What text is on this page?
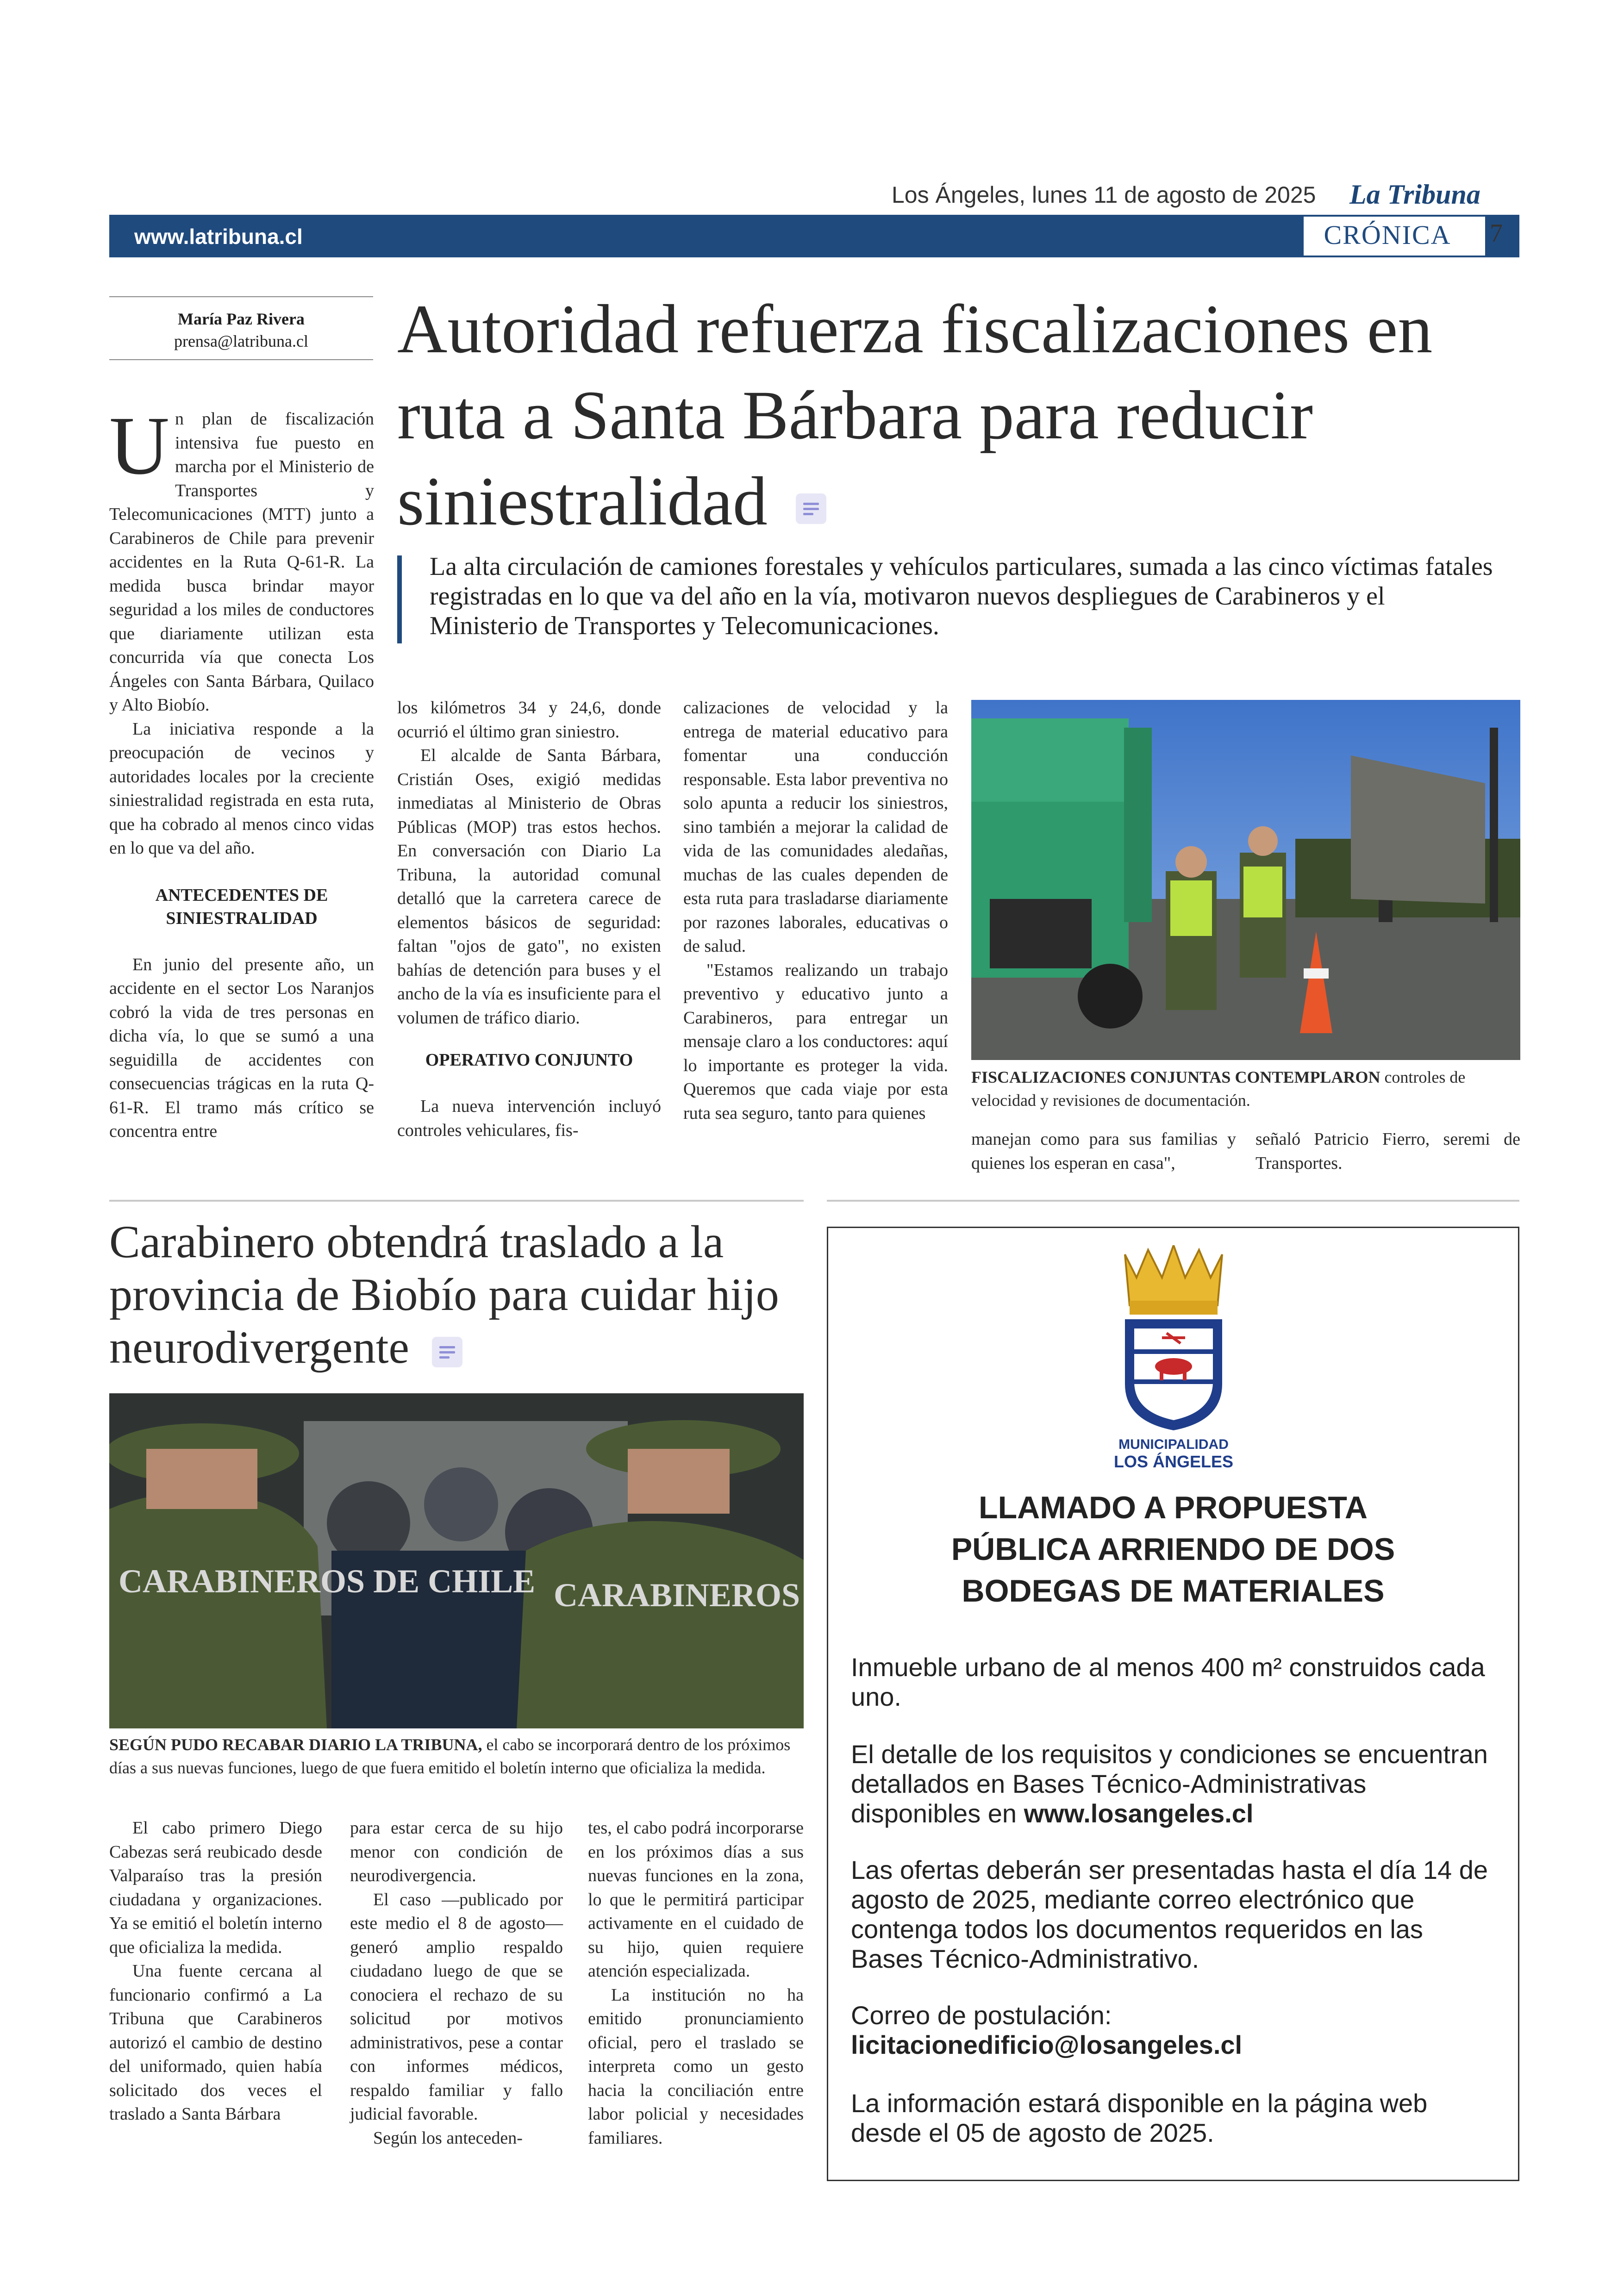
Los Ángeles, lunes 11 de agosto de 2025 La Tribuna
www.latribuna.cl	CRÓNICA	7
María Paz Rivera
prensa@latribuna.cl	Autoridad refuerza fiscalizaciones en ruta a Santa Bárbara para reducir siniestralidad
La alta circulación de camiones forestales y vehículos particulares, sumada a las cinco víctimas fatales registradas en lo que va del año en la vía, motivaron nuevos despliegues de Carabineros y el Ministerio de Transportes y Telecomunicaciones.
U n plan de fiscalización intensiva fue puesto en marcha por el Ministerio de Transportes y Telecomunicaciones (MTT) junto a Carabineros de Chile para prevenir accidentes en la Ruta Q-61-R. La medida busca brindar mayor seguridad a los miles de conductores que diariamente utilizan esta concurrida vía que conecta Los Ángeles con Santa Bárbara, Quilaco y Alto Biobío.

La iniciativa responde a la preocupación de vecinos y autoridades locales por la creciente siniestralidad registrada en esta ruta, que ha cobrado al menos cinco vidas en lo que va del año.

ANTECEDENTES DE SINIESTRALIDAD

En junio del presente año, un accidente en el sector Los Naranjos cobró la vida de tres personas en dicha vía, lo que se sumó a una seguidilla de accidentes con consecuencias trágicas en la ruta Q-61-R. El tramo más crítico se concentra entre

los kilómetros 34 y 24,6, donde ocurrió el último gran siniestro.

El alcalde de Santa Bárbara, Cristián Oses, exigió medidas inmediatas al Ministerio de Obras Públicas (MOP) tras estos hechos. En conversación con Diario La Tribuna, la autoridad comunal detalló que la carretera carece de elementos básicos de seguridad: faltan "ojos de gato", no existen bahías de detención para buses y el ancho de la vía es insuficiente para el volumen de tráfico diario.

OPERATIVO CONJUNTO

La nueva intervención incluyó controles vehiculares, fis-

calizaciones de velocidad y la entrega de material educativo para fomentar una conducción responsable. Esta labor preventiva no solo apunta a reducir los siniestros, sino también a mejorar la calidad de vida de las comunidades aledañas, muchas de las cuales dependen de esta ruta para trasladarse diariamente por razones laborales, educativas o de salud.

"Estamos realizando un trabajo preventivo y educativo junto a Carabineros, para entregar un mensaje claro a los conductores: aquí lo importante es proteger la vida. Queremos que cada viaje por esta ruta sea seguro, tanto para quienes

FISCALIZACIONES CONJUNTAS CONTEMPLARON controles de velocidad y revisiones de documentación.

manejan como para sus familias y quienes los esperan en casa",

señaló Patricio Fierro, seremi de Transportes.

Carabinero obtendrá traslado a la provincia de Biobío para cuidar hijo neurodivergente
CARABINEROS DE CHILE CARABINEROS
SEGÚN PUDO RECABAR DIARIO LA TRIBUNA, el cabo se incorporará dentro de los próximos días a sus nuevas funciones, luego de que fuera emitido el boletín interno que oficializa la medida.

El cabo primero Diego Cabezas será reubicado desde Valparaíso tras la presión ciudadana y organizaciones. Ya se emitió el boletín interno que oficializa la medida.

Una fuente cercana al funcionario confirmó a La Tribuna que Carabineros autorizó el cambio de destino del uniformado, quien había solicitado dos veces el traslado a Santa Bárbara

para estar cerca de su hijo menor con condición de neurodivergencia.

El caso —publicado por este medio el 8 de agosto— generó amplio respaldo ciudadano luego de que se conociera el rechazo de su solicitud por motivos administrativos, pese a contar con informes médicos, respaldo familiar y fallo judicial favorable.

Según los anteceden-

tes, el cabo podrá incorporarse en los próximos días a sus nuevas funciones en la zona, lo que le permitirá participar activamente en el cuidado de su hijo, quien requiere atención especializada.

La institución no ha emitido pronunciamiento oficial, pero el traslado se interpreta como un gesto hacia la conciliación entre labor policial y necesidades familiares.

MUNICIPALIDAD
LOS ÁNGELES
LLAMADO A PROPUESTA PÚBLICA ARRIENDO DE DOS BODEGAS DE MATERIALES
Inmueble urbano de al menos 400 m² construidos cada uno.
El detalle de los requisitos y condiciones se encuentran detallados en Bases Técnico-Administrativas disponibles en www.losangeles.cl
Las ofertas deberán ser presentadas hasta el día 14 de agosto de 2025, mediante correo electrónico que contenga todos los documentos requeridos en las Bases Técnico-Administrativo.
Correo de postulación:
licitacionedificio@losangeles.cl
La información estará disponible en la página web desde el 05 de agosto de 2025.
